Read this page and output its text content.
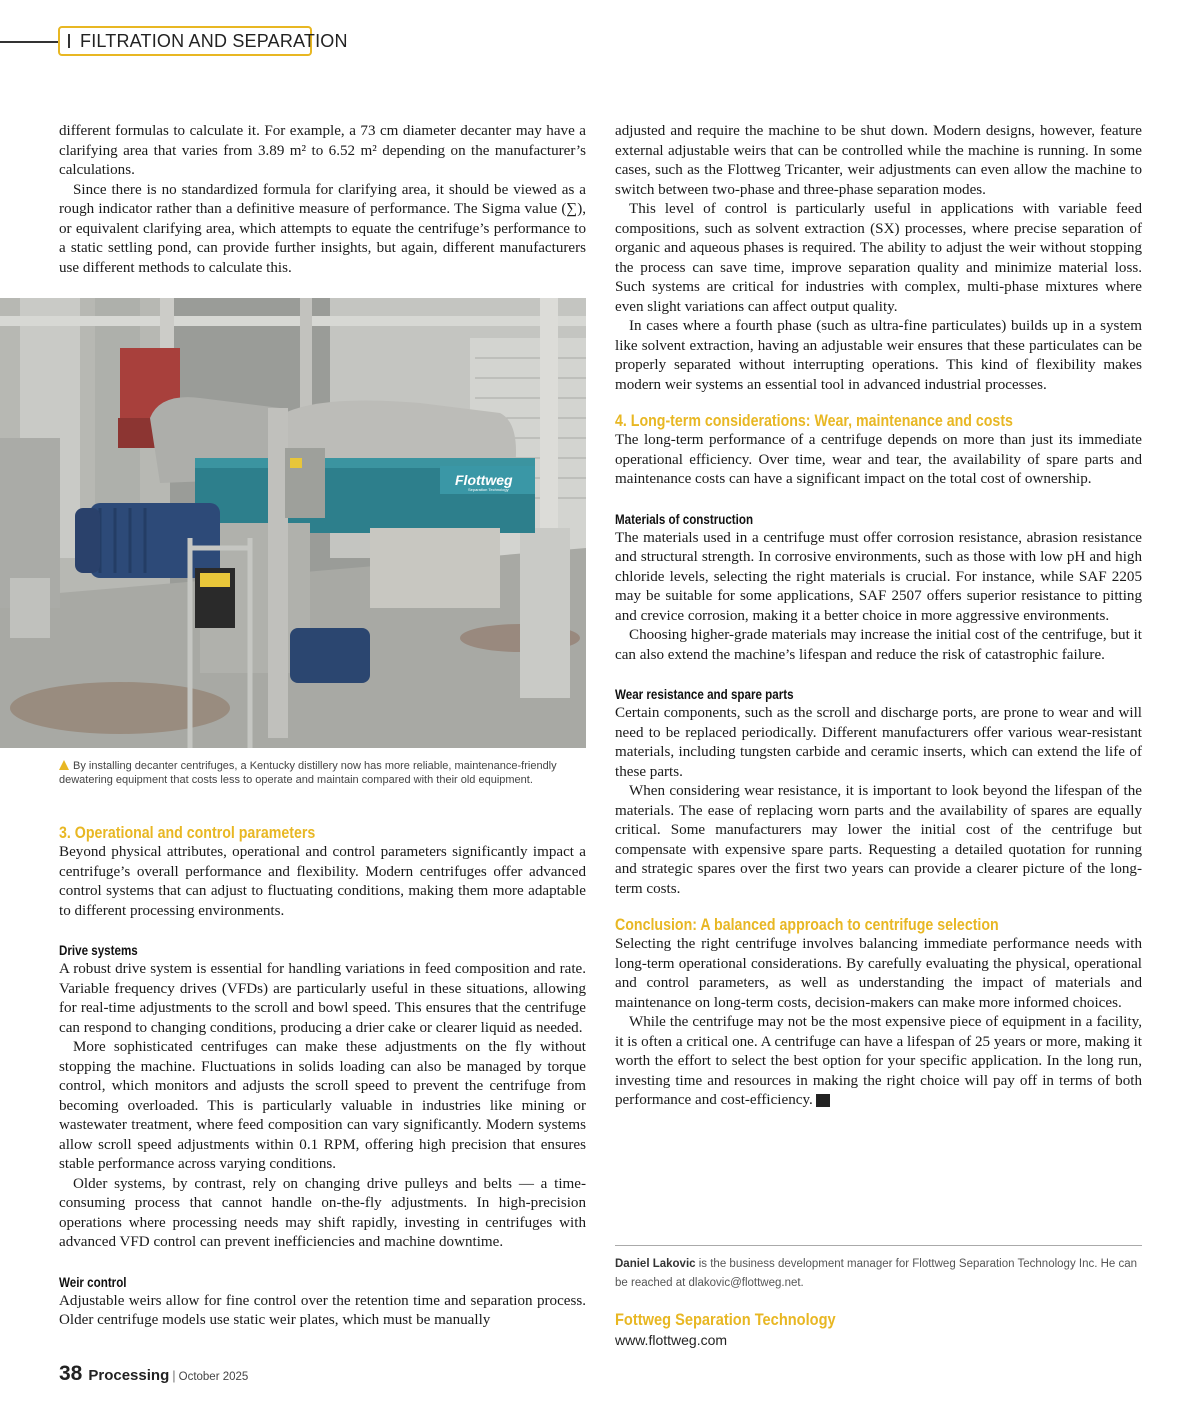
FILTRATION AND SEPARATION

different formulas to calculate it. For example, a 73 cm diameter decanter may have a clarifying area that varies from 3.89 m² to 6.52 m² depending on the manufacturer’s calculations.

Since there is no standardized formula for clarifying area, it should be viewed as a rough indicator rather than a definitive measure of performance. The Sigma value (∑), or equivalent clarifying area, which attempts to equate the centrifuge’s performance to a static settling pond, can provide further insights, but again, different manufacturers use different methods to calculate this.

Flottweg
Separation Technology
By installing decanter centrifuges, a Kentucky distillery now has more reliable, maintenance-friendly dewatering equipment that costs less to operate and maintain compared with their old equipment.
3. Operational and control parameters

Beyond physical attributes, operational and control parameters significantly impact a centrifuge’s overall performance and flexibility. Modern centrifuges offer advanced control systems that can adjust to fluctuating conditions, making them more adaptable to different processing environments.

Drive systems

A robust drive system is essential for handling variations in feed composition and rate. Variable frequency drives (VFDs) are particularly useful in these situations, allowing for real-time adjustments to the scroll and bowl speed. This ensures that the centrifuge can respond to changing conditions, producing a drier cake or clearer liquid as needed.

More sophisticated centrifuges can make these adjustments on the fly without stopping the machine. Fluctuations in solids loading can also be managed by torque control, which monitors and adjusts the scroll speed to prevent the centrifuge from becoming overloaded. This is particularly valuable in industries like mining or wastewater treatment, where feed composition can vary significantly. Modern systems allow scroll speed adjustments within 0.1 RPM, offering high precision that ensures stable performance across varying conditions.

Older systems, by contrast, rely on changing drive pulleys and belts — a time-consuming process that cannot handle on-the-fly adjustments. In high-precision operations where processing needs may shift rapidly, investing in centrifuges with advanced VFD control can prevent inefficiencies and machine downtime.

Weir control

Adjustable weirs allow for fine control over the retention time and separation process. Older centrifuge models use static weir plates, which must be manually

adjusted and require the machine to be shut down. Modern designs, however, feature external adjustable weirs that can be controlled while the machine is running. In some cases, such as the Flottweg Tricanter, weir adjustments can even allow the machine to switch between two-phase and three-phase separation modes.

This level of control is particularly useful in applications with variable feed compositions, such as solvent extraction (SX) processes, where precise separation of organic and aqueous phases is required. The ability to adjust the weir without stopping the process can save time, improve separation quality and minimize material loss. Such systems are critical for industries with complex, multi-phase mixtures where even slight variations can affect output quality.

In cases where a fourth phase (such as ultra-fine particulates) builds up in a system like solvent extraction, having an adjustable weir ensures that these particulates can be properly separated without interrupting operations. This kind of flexibility makes modern weir systems an essential tool in advanced industrial processes.

4. Long-term considerations: Wear, maintenance and costs

The long-term performance of a centrifuge depends on more than just its immediate operational efficiency. Over time, wear and tear, the availability of spare parts and maintenance costs can have a significant impact on the total cost of ownership.

Materials of construction

The materials used in a centrifuge must offer corrosion resistance, abrasion resistance and structural strength. In corrosive environments, such as those with low pH and high chloride levels, selecting the right materials is crucial. For instance, while SAF 2205 may be suitable for some applications, SAF 2507 offers superior resistance to pitting and crevice corrosion, making it a better choice in more aggressive environments.

Choosing higher-grade materials may increase the initial cost of the centrifuge, but it can also extend the machine’s lifespan and reduce the risk of catastrophic failure.

Wear resistance and spare parts

Certain components, such as the scroll and discharge ports, are prone to wear and will need to be replaced periodically. Different manufacturers offer various wear-resistant materials, including tungsten carbide and ceramic inserts, which can extend the life of these parts.

When considering wear resistance, it is important to look beyond the lifespan of the materials. The ease of replacing worn parts and the availability of spares are equally critical. Some manufacturers may lower the initial cost of the centrifuge but compensate with expensive spare parts. Requesting a detailed quotation for running and strategic spares over the first two years can provide a clearer picture of the long-term costs.

Conclusion: A balanced approach to centrifuge selection

Selecting the right centrifuge involves balancing immediate performance needs with long-term operational considerations. By carefully evaluating the physical, operational and control parameters, as well as understanding the impact of materials and maintenance on long-term costs, decision-makers can make more informed choices.

While the centrifuge may not be the most expensive piece of equipment in a facility, it is often a critical one. A centrifuge can have a lifespan of 25 years or more, making it worth the effort to select the best option for your specific application. In the long run, investing time and resources in making the right choice will pay off in terms of both performance and cost-efficiency. PR

Daniel Lakovic is the business development manager for Flottweg Separation Technology Inc. He can be reached at dlakovic@flottweg.net.
Fottweg Separation Technology
www.flottweg.com
38 Processing | October 2025
